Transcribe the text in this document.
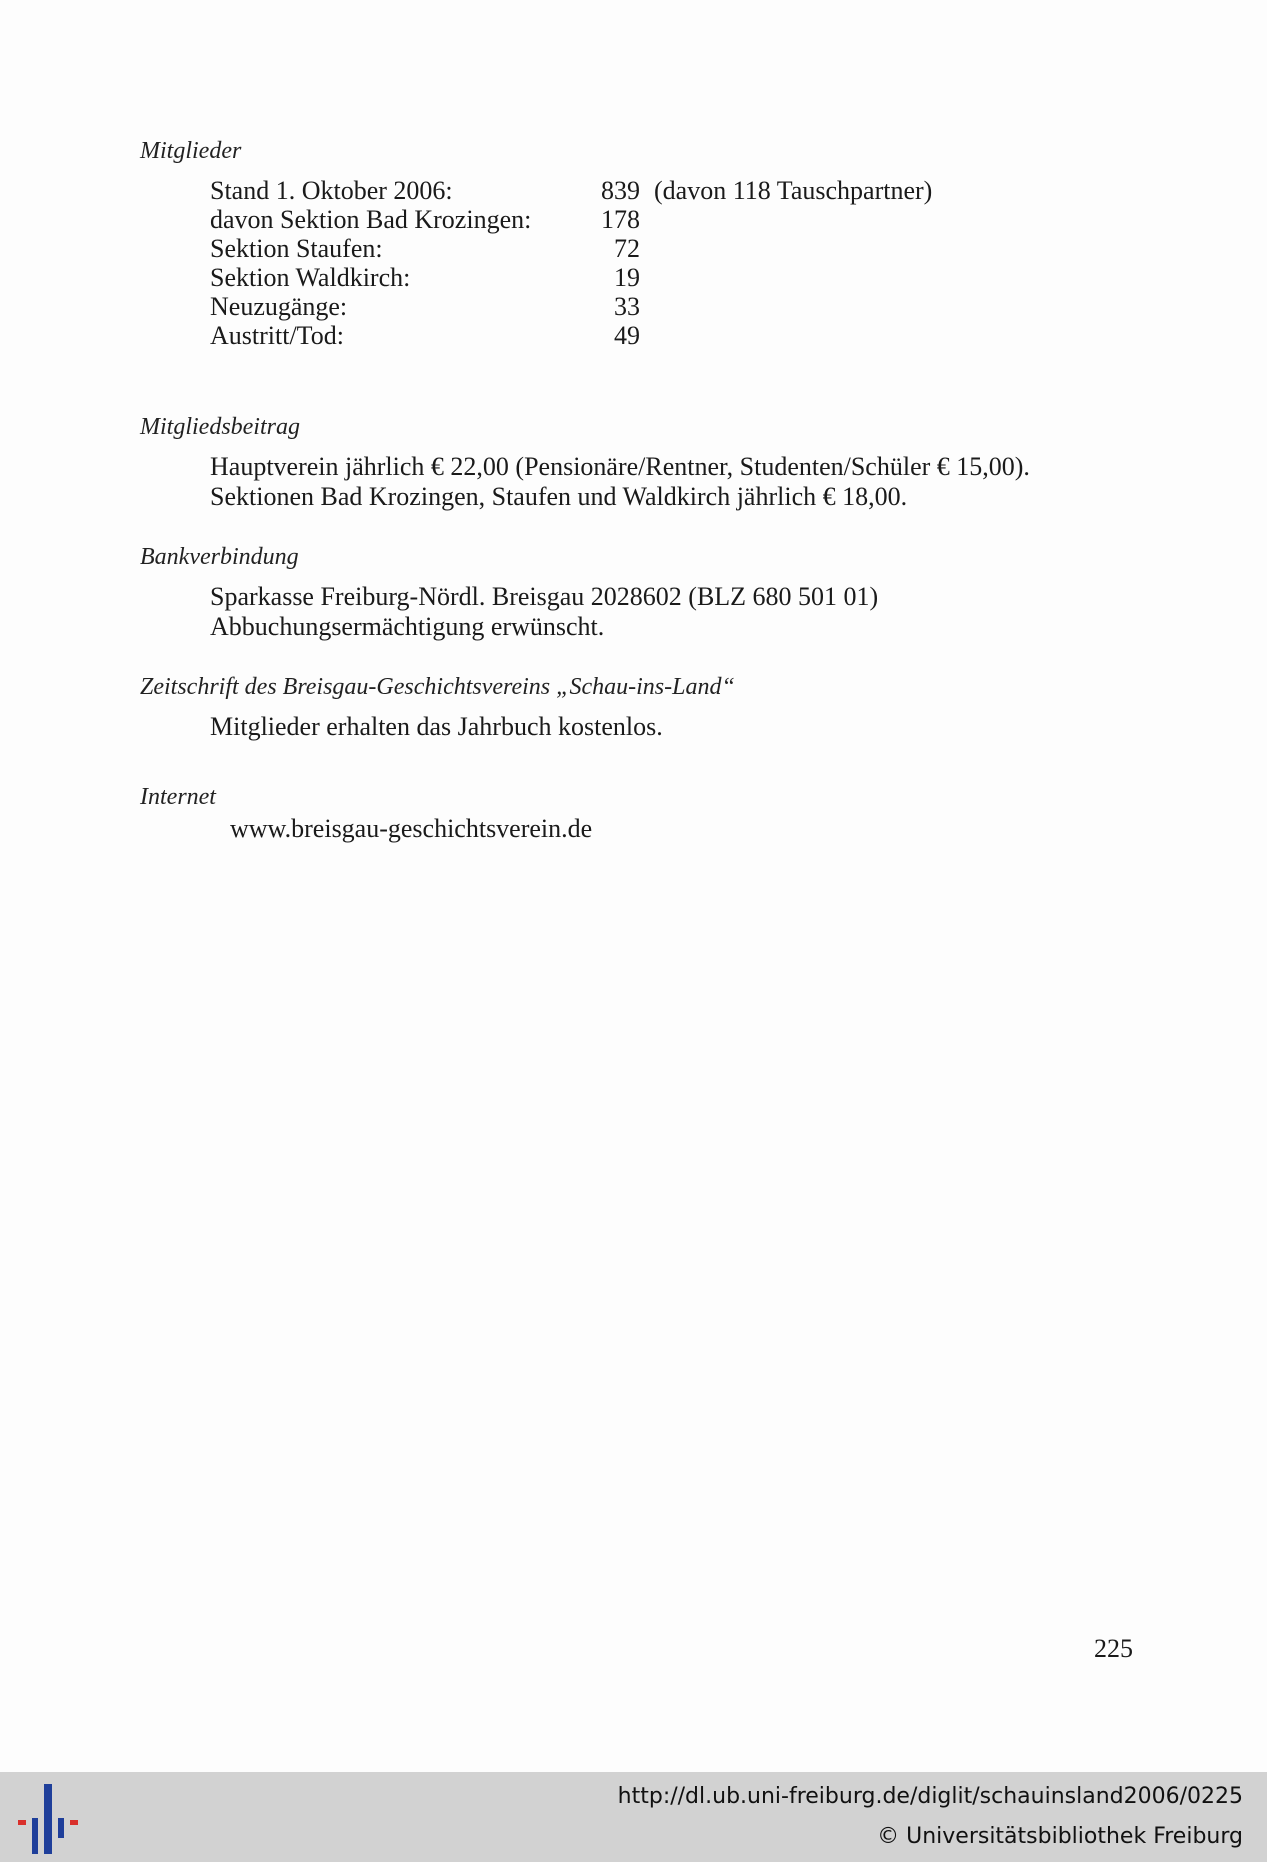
Mitglieder
Stand 1. Oktober 2006:	839 (davon 118 Tauschpartner)
davon Sektion Bad Krozingen:	178
Sektion Staufen:	72
Sektion Waldkirch:	19
Neuzugänge:	33
Austritt/Tod:	49
Mitgliedsbeitrag
Hauptverein jährlich € 22,00 (Pensionäre/Rentner, Studenten/Schüler € 15,00).
Sektionen Bad Krozingen, Staufen und Waldkirch jährlich € 18,00.
Bankverbindung
Sparkasse Freiburg-Nördl. Breisgau 2028602 (BLZ 680 501 01)
Abbuchungsermächtigung erwünscht.
Zeitschrift des Breisgau-Geschichtsvereins „Schau-ins-Land“
Mitglieder erhalten das Jahrbuch kostenlos.
Internet
www.breisgau-geschichtsverein.de
225
http://dl.ub.uni-freiburg.de/diglit/schauinsland2006/0225
© Universitätsbibliothek Freiburg
